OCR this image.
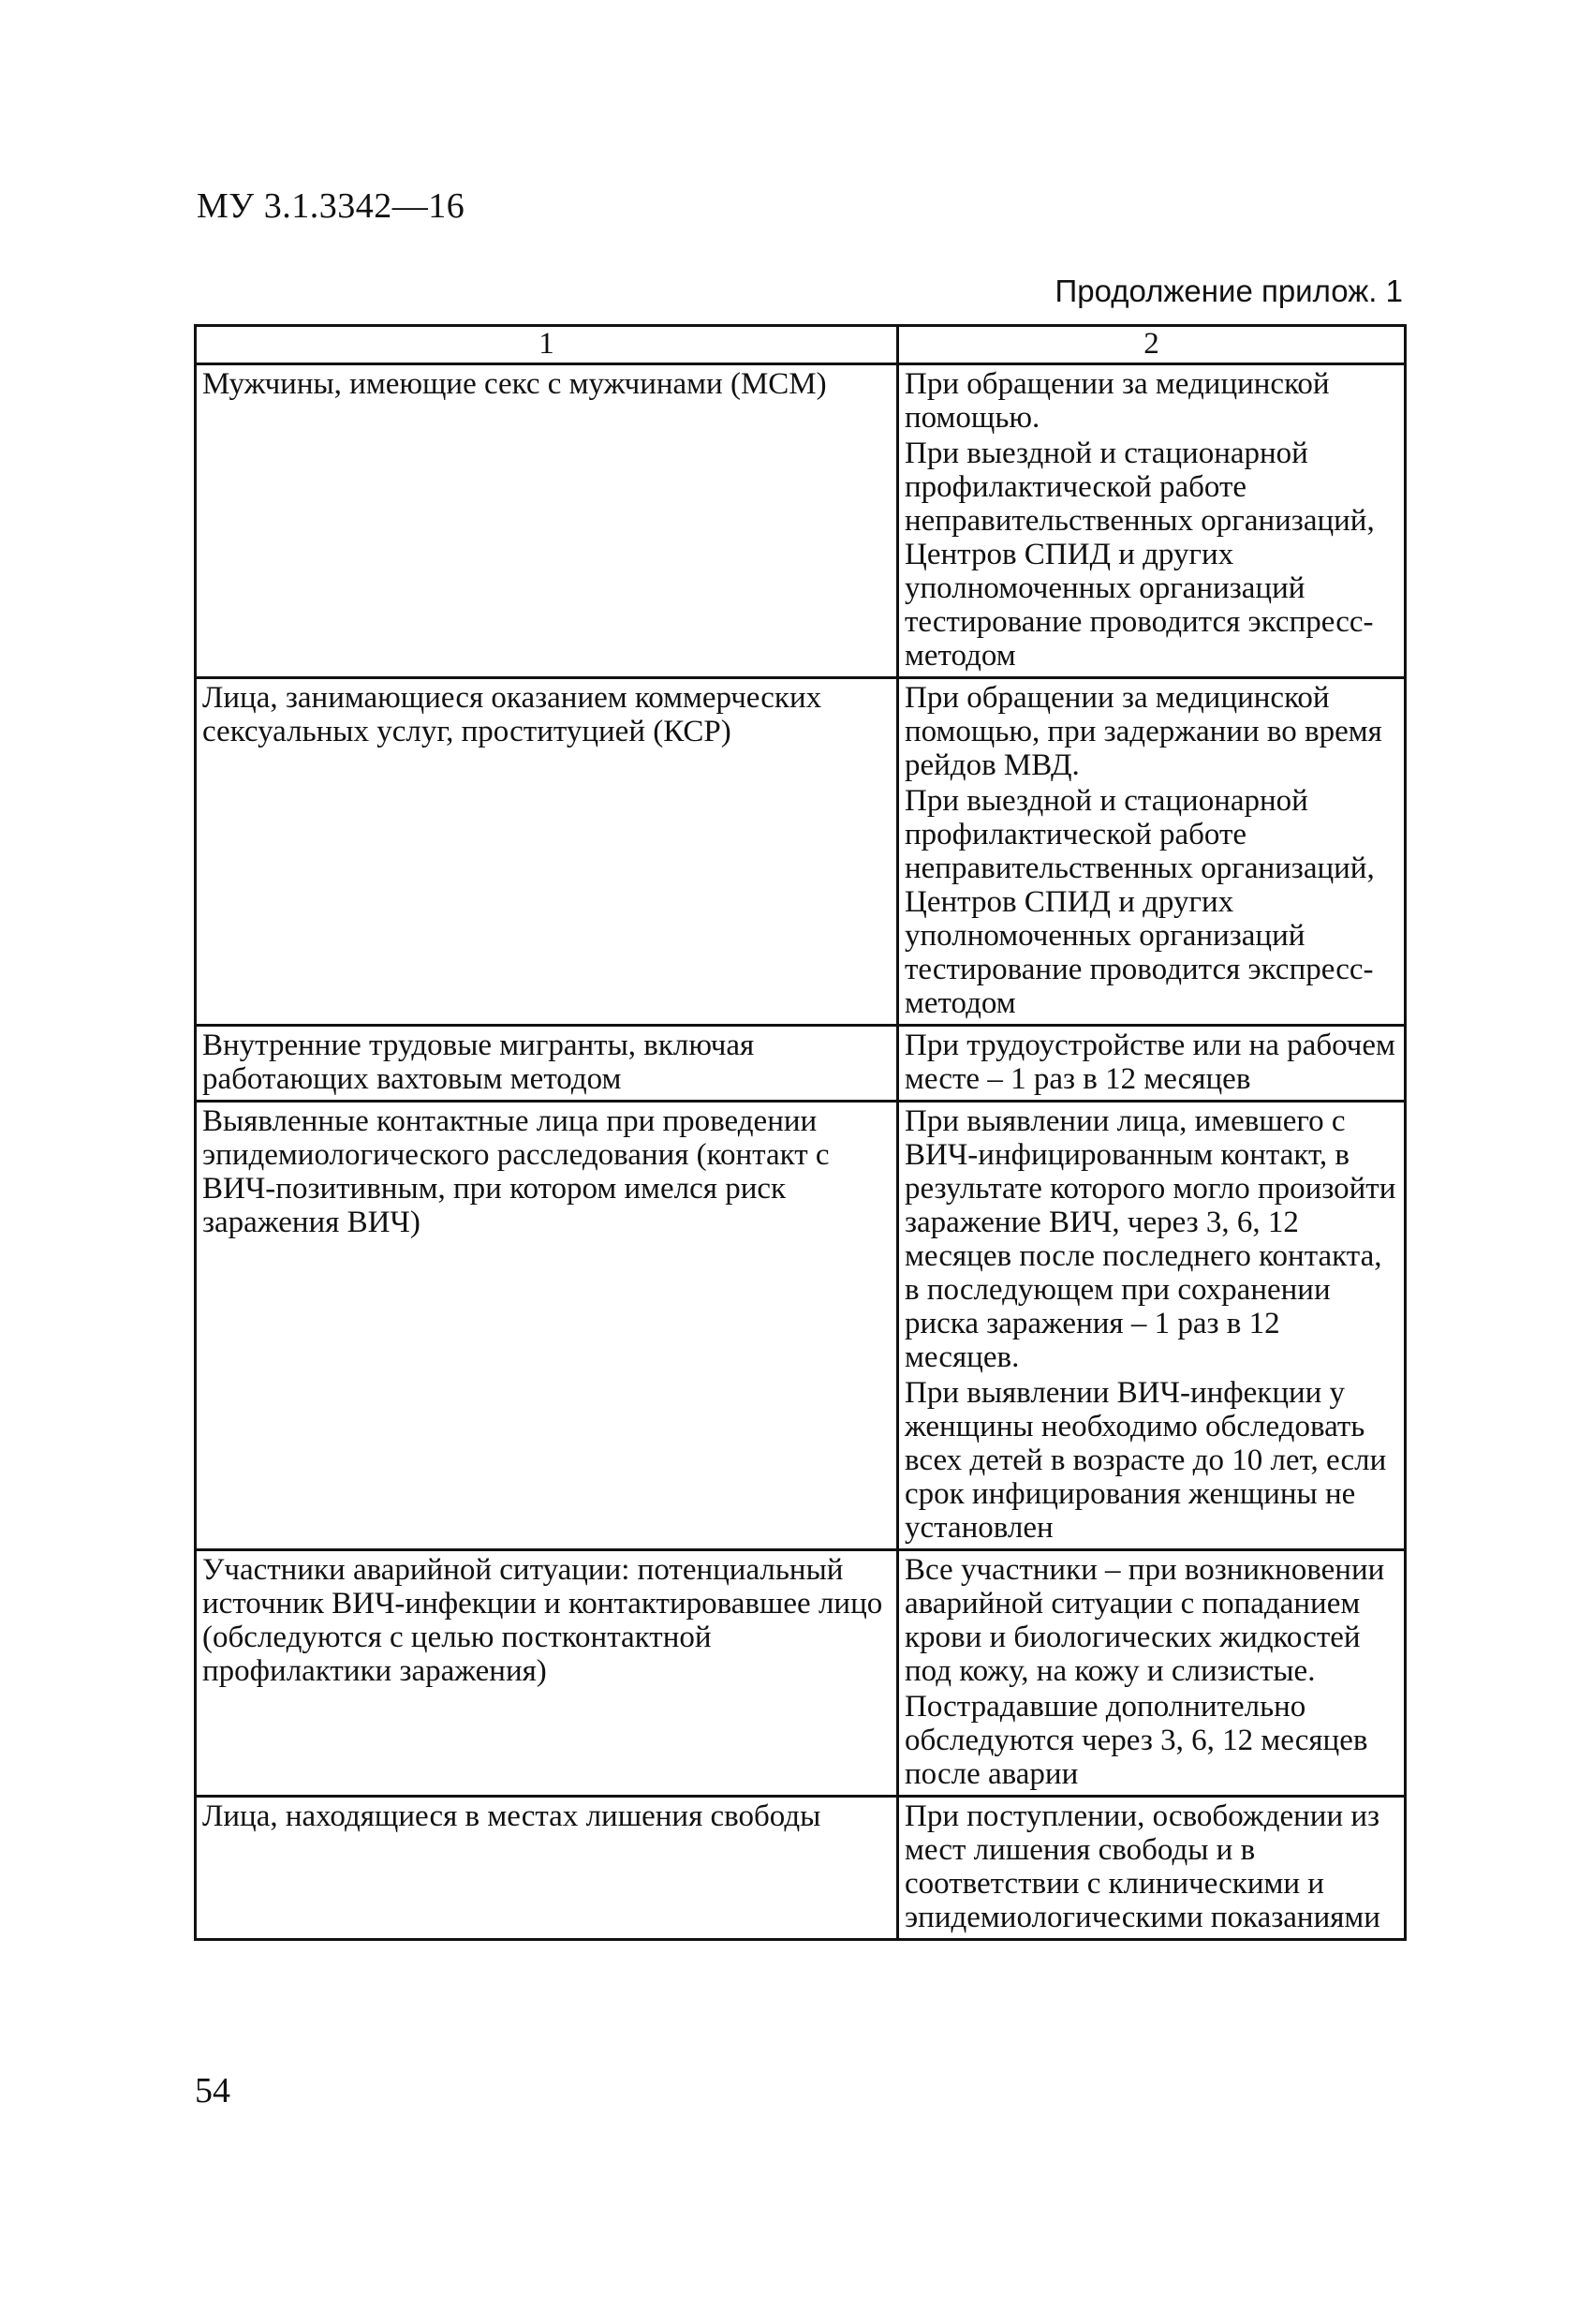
МУ 3.1.3342—16
Продолжение прилож. 1
1	2

Мужчины, имеющие секс с мужчинами (МСМ)	При обращении за медицинской помощью.
При выездной и стационарной профилактической работе неправительственных организаций, Центров СПИД и других уполномоченных организаций тестирование проводится экспресс-методом

Лица, занимающиеся оказанием коммерческих сексуальных услуг, проституцией (КСР)	При обращении за медицинской помощью, при задержании во время рейдов МВД.
При выездной и стационарной профилактической работе неправительственных организаций, Центров СПИД и других уполномоченных организаций тестирование проводится экспресс-методом

Внутренние трудовые мигранты, включая работающих вахтовым методом	При трудоустройстве или на рабочем месте – 1 раз в 12 месяцев

Выявленные контактные лица при проведении эпидемиологического расследования (контакт с ВИЧ-позитивным, при котором имелся риск заражения ВИЧ)	При выявлении лица, имевшего с ВИЧ-инфицированным контакт, в результате которого могло произойти заражение ВИЧ, через 3, 6, 12 месяцев после последнего контакта, в последующем при сохранении риска заражения – 1 раз в 12 месяцев.
При выявлении ВИЧ-инфекции у женщины необходимо обследовать всех детей в возрасте до 10 лет, если срок инфицирования женщины не установлен

Участники аварийной ситуации: потенциальный источник ВИЧ-инфекции и контактировавшее лицо (обследуются с целью постконтактной профилактики заражения)	Все участники – при возникновении аварийной ситуации с попаданием крови и биологических жидкостей под кожу, на кожу и слизистые.
Пострадавшие дополнительно обследуются через 3, 6, 12 месяцев после аварии

Лица, находящиеся в местах лишения свободы	При поступлении, освобождении из мест лишения свободы и в соответствии с клиническими и эпидемиологическими показаниями
54
